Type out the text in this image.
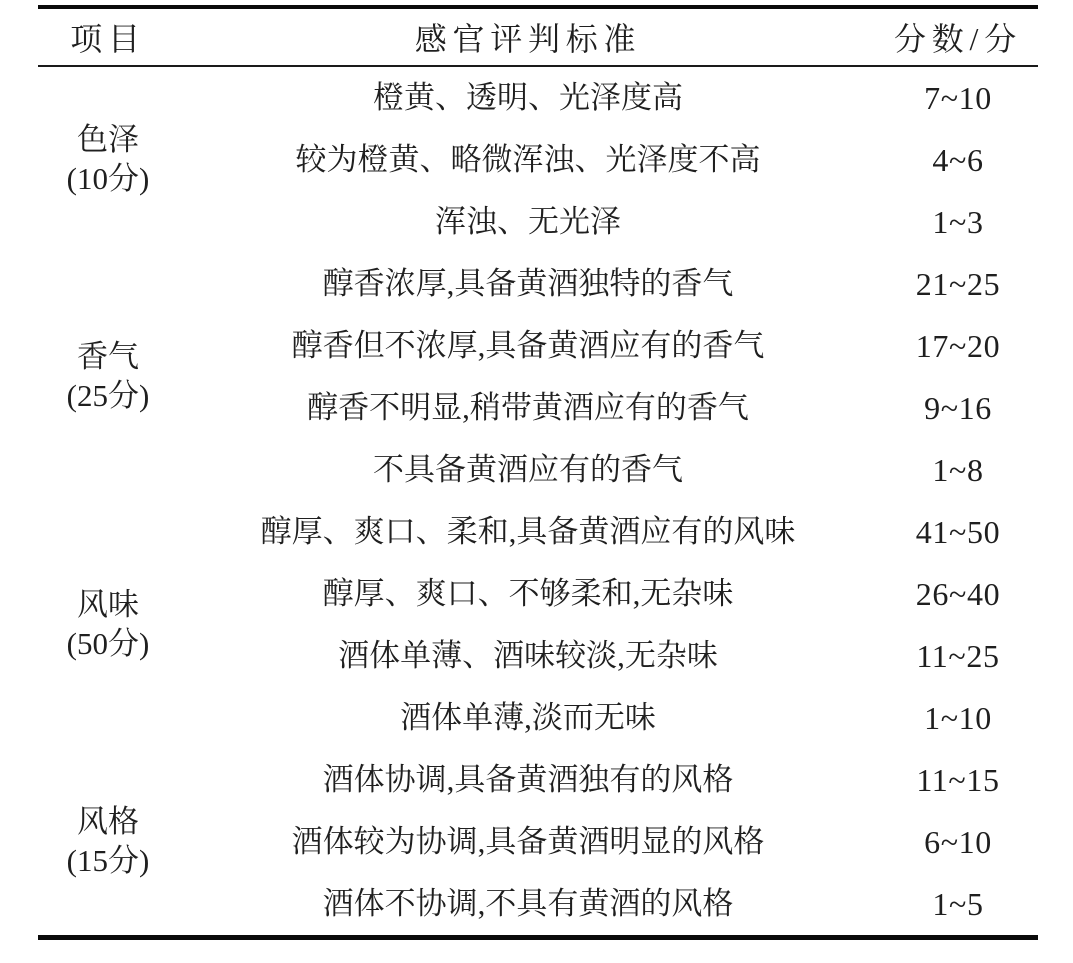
项目	感官评判标准	分数/分

色泽
(10分)	橙黄、透明、光泽度高	7~10
	较为橙黄、略微浑浊、光泽度不高	4~6
	浑浊、无光泽	1~3

香气
(25分)	醇香浓厚,具备黄酒独特的香气	21~25
	醇香但不浓厚,具备黄酒应有的香气	17~20
	醇香不明显,稍带黄酒应有的香气	9~16
	不具备黄酒应有的香气	1~8

风味
(50分)	醇厚、爽口、柔和,具备黄酒应有的风味	41~50
	醇厚、爽口、不够柔和,无杂味	26~40
	酒体单薄、酒味较淡,无杂味	11~25
	酒体单薄,淡而无味	1~10

风格
(15分)	酒体协调,具备黄酒独有的风格	11~15
	酒体较为协调,具备黄酒明显的风格	6~10
	酒体不协调,不具有黄酒的风格	1~5
